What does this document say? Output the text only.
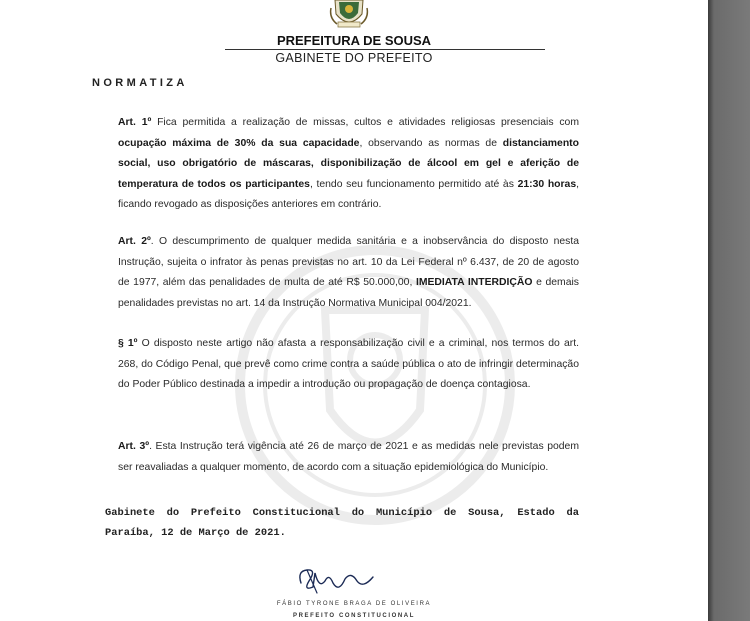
PREFEITURA DE SOUSA
GABINETE DO PREFEITO
NORMATIZA
Art. 1º Fica permitida a realização de missas, cultos e atividades religiosas presenciais com ocupação máxima de 30% da sua capacidade, observando as normas de distanciamento social, uso obrigatório de máscaras, disponibilização de álcool em gel e aferição de temperatura de todos os participantes, tendo seu funcionamento permitido até às 21:30 horas, ficando revogado as disposições anteriores em contrário.
Art. 2º. O descumprimento de qualquer medida sanitária e a inobservância do disposto nesta Instrução, sujeita o infrator às penas previstas no art. 10 da Lei Federal nº 6.437, de 20 de agosto de 1977, além das penalidades de multa de até R$ 50.000,00, IMEDIATA INTERDIÇÃO e demais penalidades previstas no art. 14 da Instrução Normativa Municipal 004/2021.
§ 1º O disposto neste artigo não afasta a responsabilização civil e a criminal, nos termos do art. 268, do Código Penal, que prevê como crime contra a saúde pública o ato de infringir determinação do Poder Público destinada a impedir a introdução ou propagação de doença contagiosa.
Art. 3º. Esta Instrução terá vigência até 26 de março de 2021 e as medidas nele previstas podem ser reavaliadas a qualquer momento, de acordo com a situação epidemiológica do Município.
Gabinete do Prefeito Constitucional do Município de Sousa, Estado da Paraíba, 12 de Março de 2021.
FÁBIO TYRONE BRAGA DE OLIVEIRA
PREFEITO CONSTITUCIONAL
